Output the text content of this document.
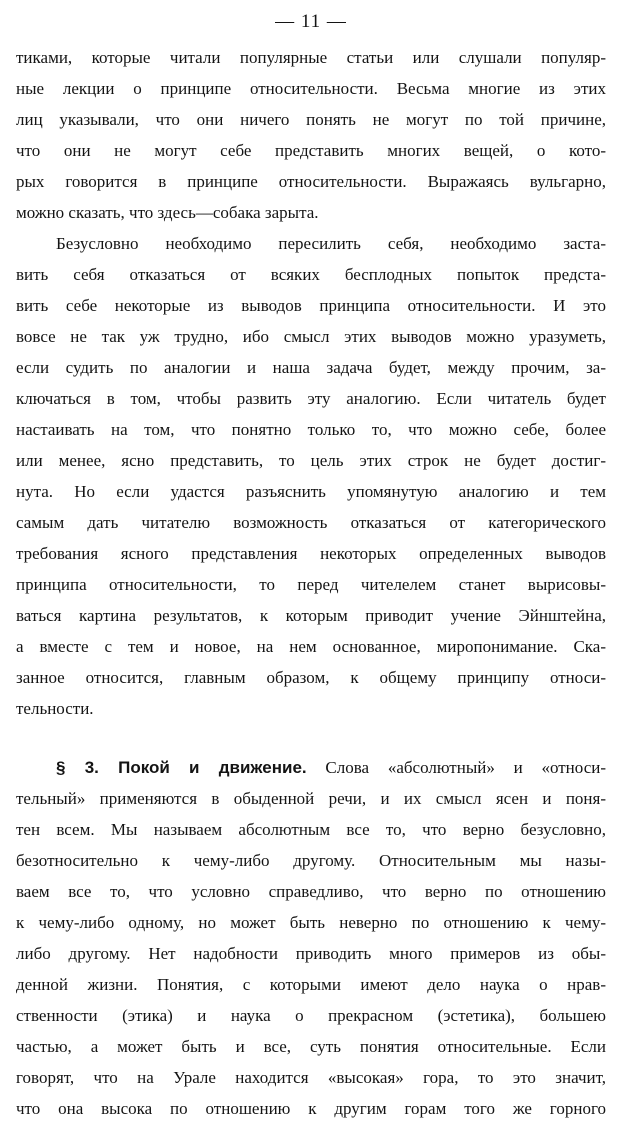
— 11 —
тиками, которые читали популярные статьи или слушали популяр-
ные лекции о принципе относительности. Весьма многие из этих
лиц указывали, что они ничего понять не могут по той причине,
что они не могут себе представить многих вещей, о кото-
рых говорится в принципе относительности. Выражаясь вульгарно,
можно сказать, что здесь—собака зарыта.
Безусловно необходимо пересилить себя, необходимо заста-
вить себя отказаться от всяких бесплодных попыток предста-
вить себе некоторые из выводов принципа относительности. И это
вовсе не так уж трудно, ибо смысл этих выводов можно уразуметь,
если судить по аналогии и наша задача будет, между прочим, за-
ключаться в том, чтобы развить эту аналогию. Если читатель будет
настаивать на том, что понятно только то, что можно себе, более
или менее, ясно представить, то цель этих строк не будет достиг-
нута. Но если удастся разъяснить упомянутую аналогию и тем
самым дать читателю возможность отказаться от категорического
требования ясного представления некоторых определенных выводов
принципа относительности, то перед чителелем станет вырисовы-
ваться картина результатов, к которым приводит учение Эйнштейна,
а вместе с тем и новое, на нем основанное, миропонимание. Ска-
занное относится, главным образом, к общему принципу относи-
тельности.
§ 3. Покой и движение. Слова «абсолютный» и «относи-
тельный» применяются в обыденной речи, и их смысл ясен и поня-
тен всем. Мы называем абсолютным все то, что верно безусловно,
безотносительно к чему-либо другому. Относительным мы назы-
ваем все то, что условно справедливо, что верно по отношению
к чему-либо одному, но может быть неверно по отношению к чему-
либо другому. Нет надобности приводить много примеров из обы-
денной жизни. Понятия, с которыми имеют дело наука о нрав-
ственности (этика) и наука о прекрасном (эстетика), большею
частью, а может быть и все, суть понятия относительные. Если
говорят, что на Урале находится «высокая» гора, то это значит,
что она высока по отношению к другим горам того же горного
